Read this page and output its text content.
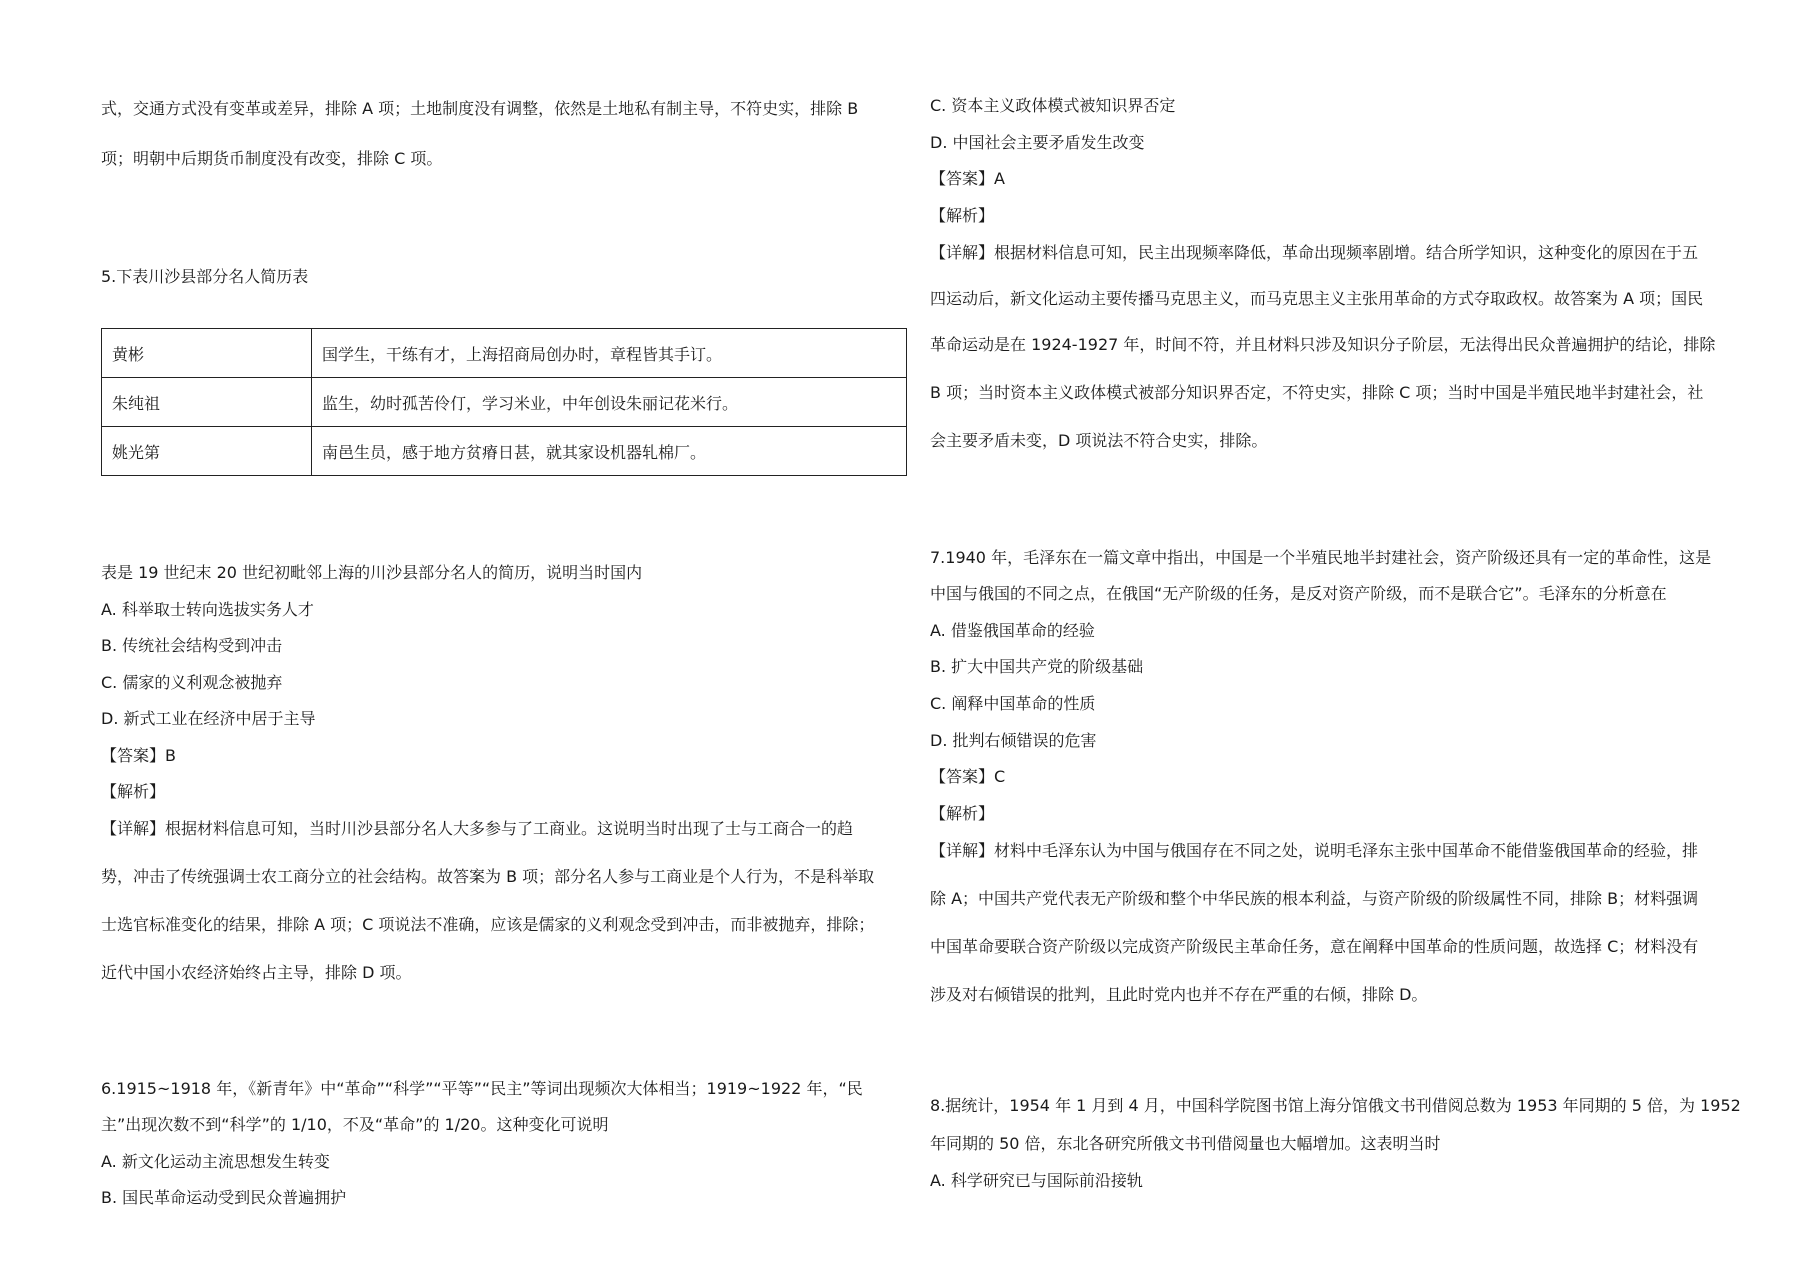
式，交通方式没有变革或差异，排除 A 项；土地制度没有调整，依然是土地私有制主导，不符史实，排除 B
项；明朝中后期货币制度没有改变，排除 C 项。
5.下表川沙县部分名人简历表
黄彬	国学生，干练有才，上海招商局创办时，章程皆其手订。
朱纯祖	监生，幼时孤苦伶仃，学习米业，中年创设朱丽记花米行。
姚光第	南邑生员，感于地方贫瘠日甚，就其家设机器轧棉厂。
表是 19 世纪末 20 世纪初毗邻上海的川沙县部分名人的简历，说明当时国内
A. 科举取士转向选拔实务人才
B. 传统社会结构受到冲击
C. 儒家的义利观念被抛弃
D. 新式工业在经济中居于主导
【答案】B
【解析】
【详解】根据材料信息可知，当时川沙县部分名人大多参与了工商业。这说明当时出现了士与工商合一的趋
势，冲击了传统强调士农工商分立的社会结构。故答案为 B 项；部分名人参与工商业是个人行为，不是科举取
士选官标准变化的结果，排除 A 项；C 项说法不准确，应该是儒家的义利观念受到冲击，而非被抛弃，排除；
近代中国小农经济始终占主导，排除 D 项。
6.1915~1918 年，《新青年》中“革命”“科学”“平等”“民主”等词出现频次大体相当；1919~1922 年，“民
主”出现次数不到“科学”的 1/10，不及“革命”的 1/20。这种变化可说明
A. 新文化运动主流思想发生转变
B. 国民革命运动受到民众普遍拥护
C. 资本主义政体模式被知识界否定
D. 中国社会主要矛盾发生改变
【答案】A
【解析】
【详解】根据材料信息可知，民主出现频率降低，革命出现频率剧增。结合所学知识，这种变化的原因在于五
四运动后，新文化运动主要传播马克思主义，而马克思主义主张用革命的方式夺取政权。故答案为 A 项；国民
革命运动是在 1924-1927 年，时间不符，并且材料只涉及知识分子阶层，无法得出民众普遍拥护的结论，排除
B 项；当时资本主义政体模式被部分知识界否定，不符史实，排除 C 项；当时中国是半殖民地半封建社会，社
会主要矛盾未变，D 项说法不符合史实，排除。
7.1940 年，毛泽东在一篇文章中指出，中国是一个半殖民地半封建社会，资产阶级还具有一定的革命性，这是
中国与俄国的不同之点，在俄国“无产阶级的任务，是反对资产阶级，而不是联合它”。毛泽东的分析意在
A. 借鉴俄国革命的经验
B. 扩大中国共产党的阶级基础
C. 阐释中国革命的性质
D. 批判右倾错误的危害
【答案】C
【解析】
【详解】材料中毛泽东认为中国与俄国存在不同之处，说明毛泽东主张中国革命不能借鉴俄国革命的经验，排
除 A；中国共产党代表无产阶级和整个中华民族的根本利益，与资产阶级的阶级属性不同，排除 B；材料强调
中国革命要联合资产阶级以完成资产阶级民主革命任务，意在阐释中国革命的性质问题，故选择 C；材料没有
涉及对右倾错误的批判，且此时党内也并不存在严重的右倾，排除 D。
8.据统计，1954 年 1 月到 4 月，中国科学院图书馆上海分馆俄文书刊借阅总数为 1953 年同期的 5 倍，为 1952
年同期的 50 倍，东北各研究所俄文书刊借阅量也大幅增加。这表明当时
A. 科学研究已与国际前沿接轨
